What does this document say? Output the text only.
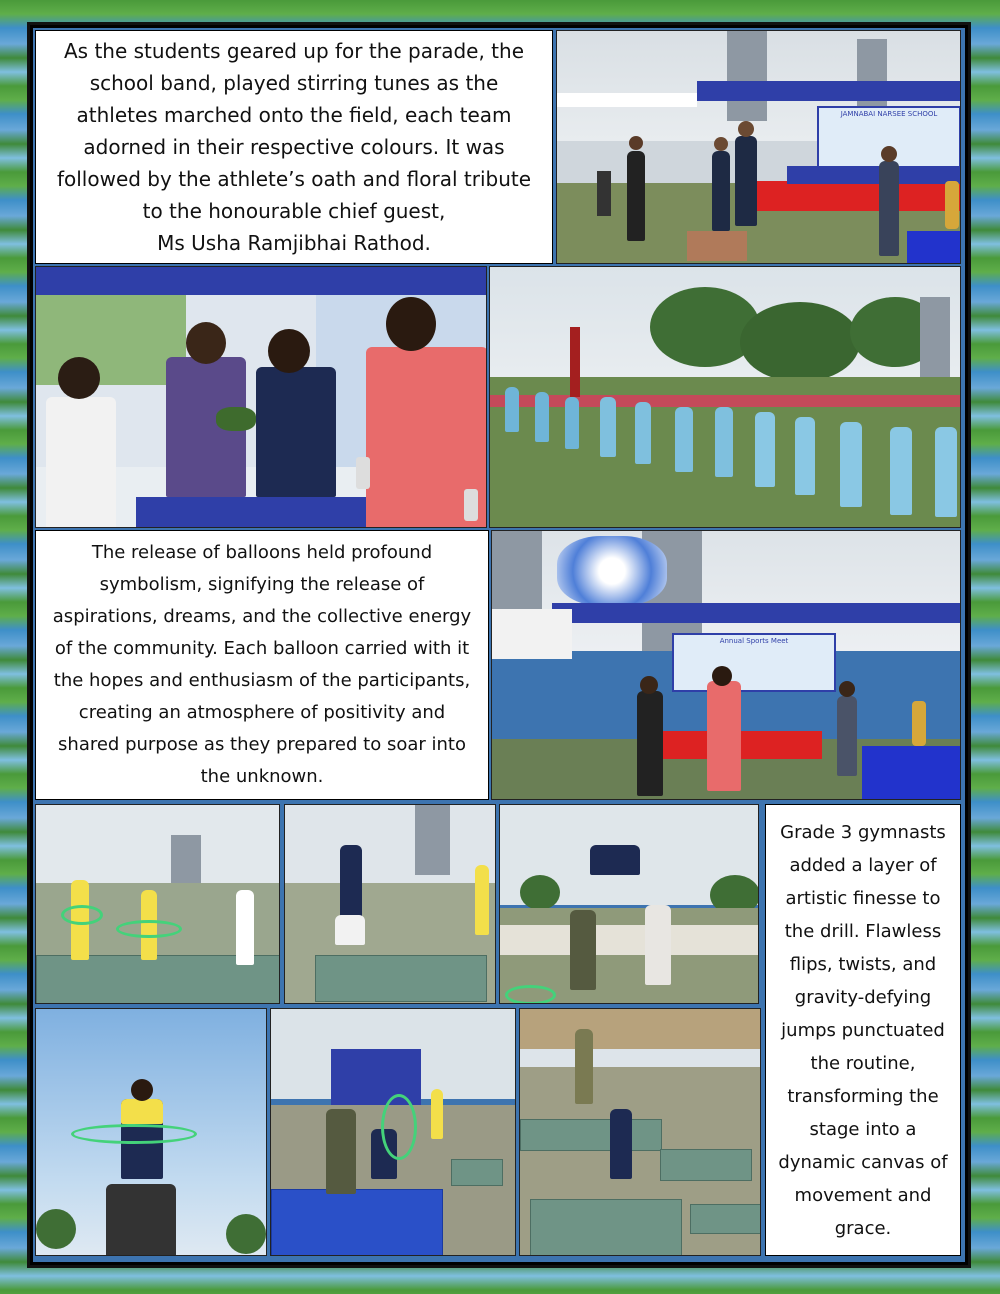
As the students geared up for the parade, the school band, played stirring tunes as the athletes marched onto the field, each team adorned in their respective colours. It was followed by the athlete’s oath and floral tribute to the honourable chief guest,
Ms Usha Ramjibhai Rathod.
JAMNABAI NARSEE SCHOOL
The release of balloons held profound symbolism, signifying the release of aspirations, dreams, and the collective energy of the community. Each balloon carried with it the hopes and enthusiasm of the participants, creating an atmosphere of positivity and shared purpose as they prepared to soar into the unknown.
Annual Sports Meet
Grade 3 gymnasts added a layer of artistic finesse to the drill. Flawless flips, twists, and gravity-defying jumps punctuated the routine, transforming the stage into a dynamic canvas of movement and grace.
